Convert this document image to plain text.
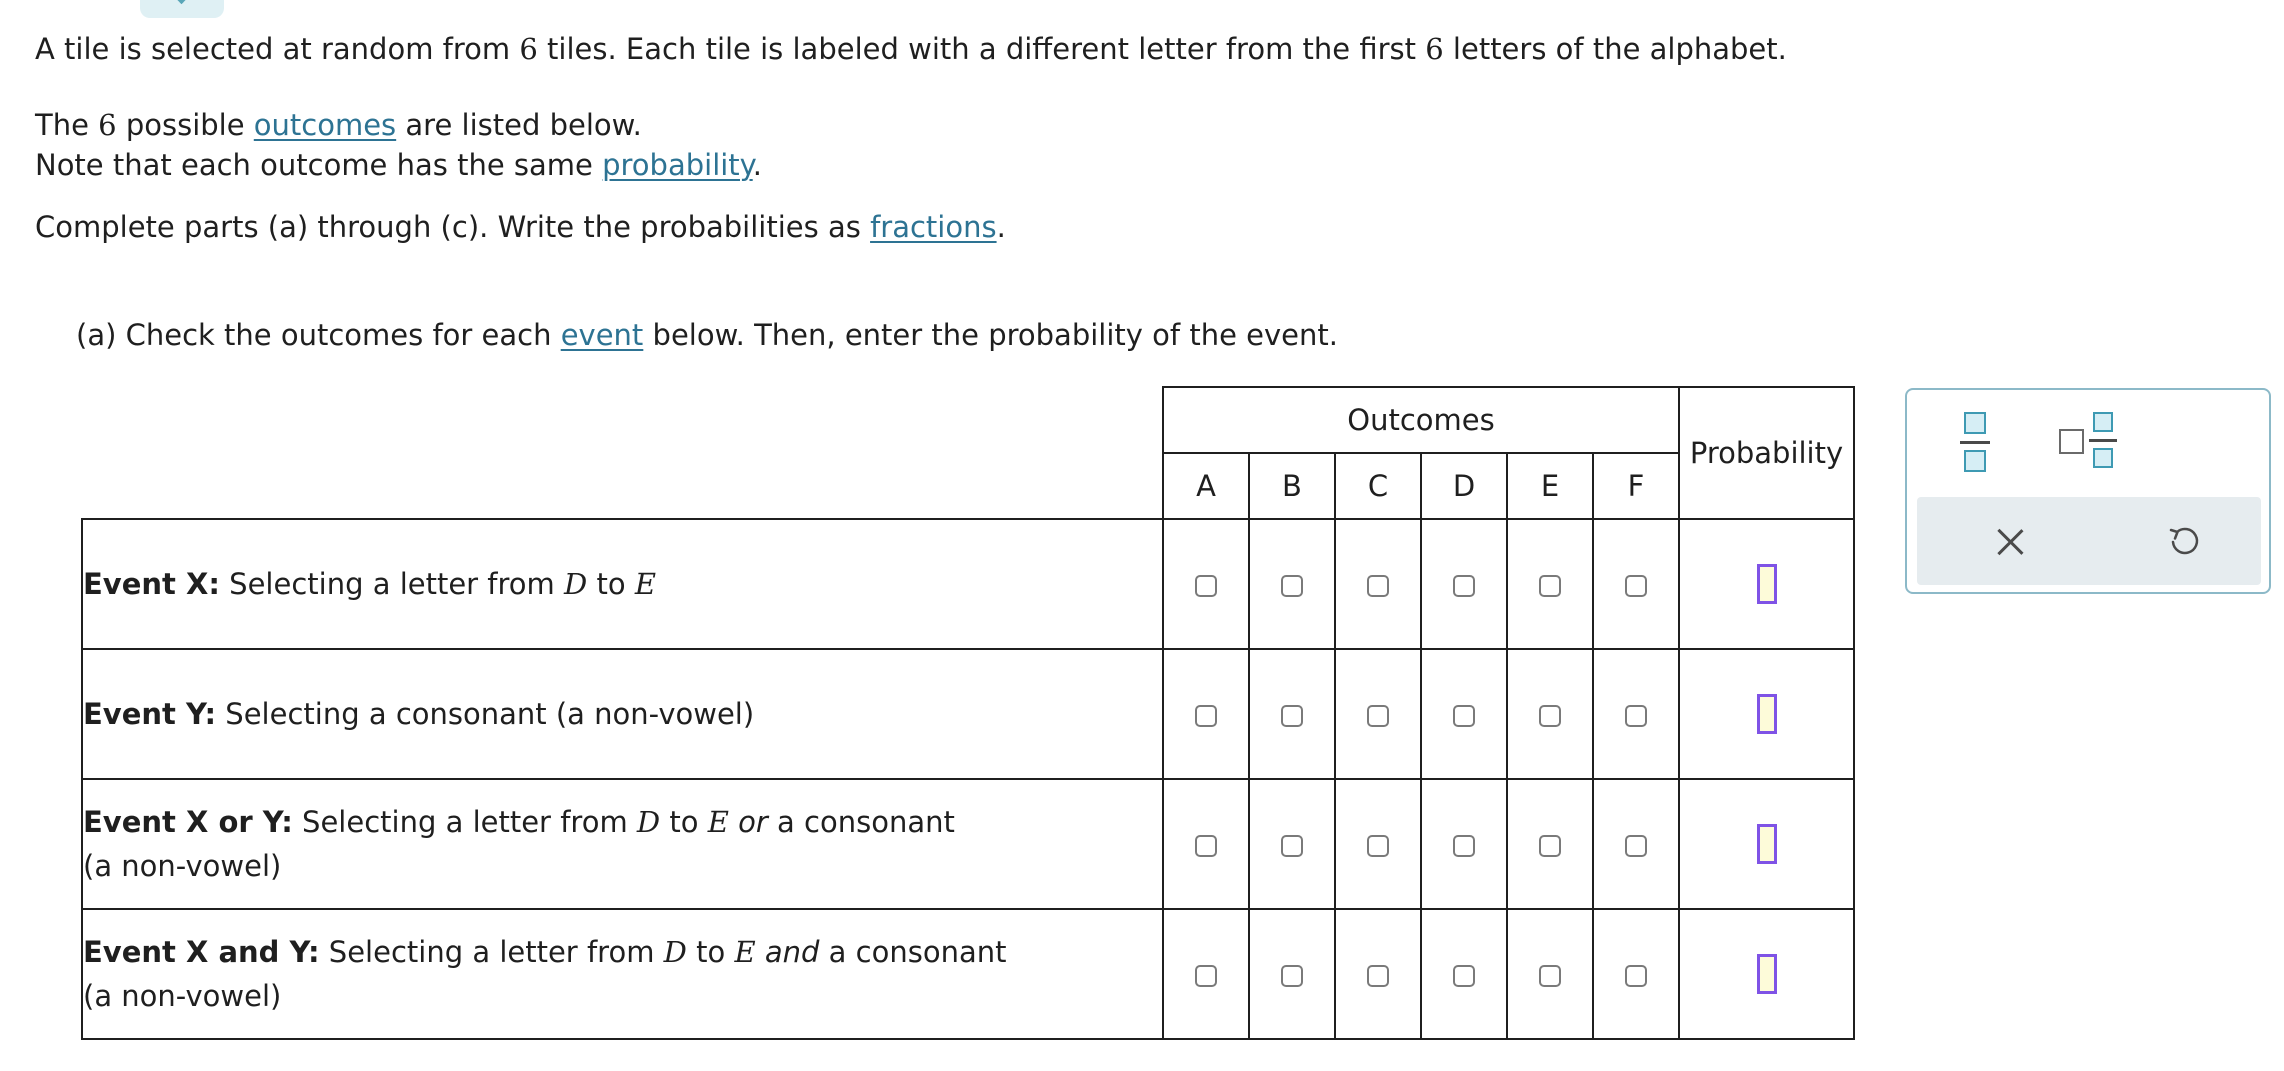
A tile is selected at random from 6 tiles. Each tile is labeled with a different letter from the first 6 letters of the alphabet.
The 6 possible outcomes are listed below.
Note that each outcome has the same probability.
Complete parts (a) through (c). Write the probabilities as fractions.
(a) Check the outcomes for each event below. Then, enter the probability of the event.
	Outcomes						Probability
	A	B	C	D	E	F	
Event X: Selecting a letter from D to E							
Event Y: Selecting a consonant (a non-vowel)							
Event X or Y: Selecting a letter from D to E or a consonant
(a non-vowel)							
Event X and Y: Selecting a letter from D to E and a consonant
(a non-vowel)							
